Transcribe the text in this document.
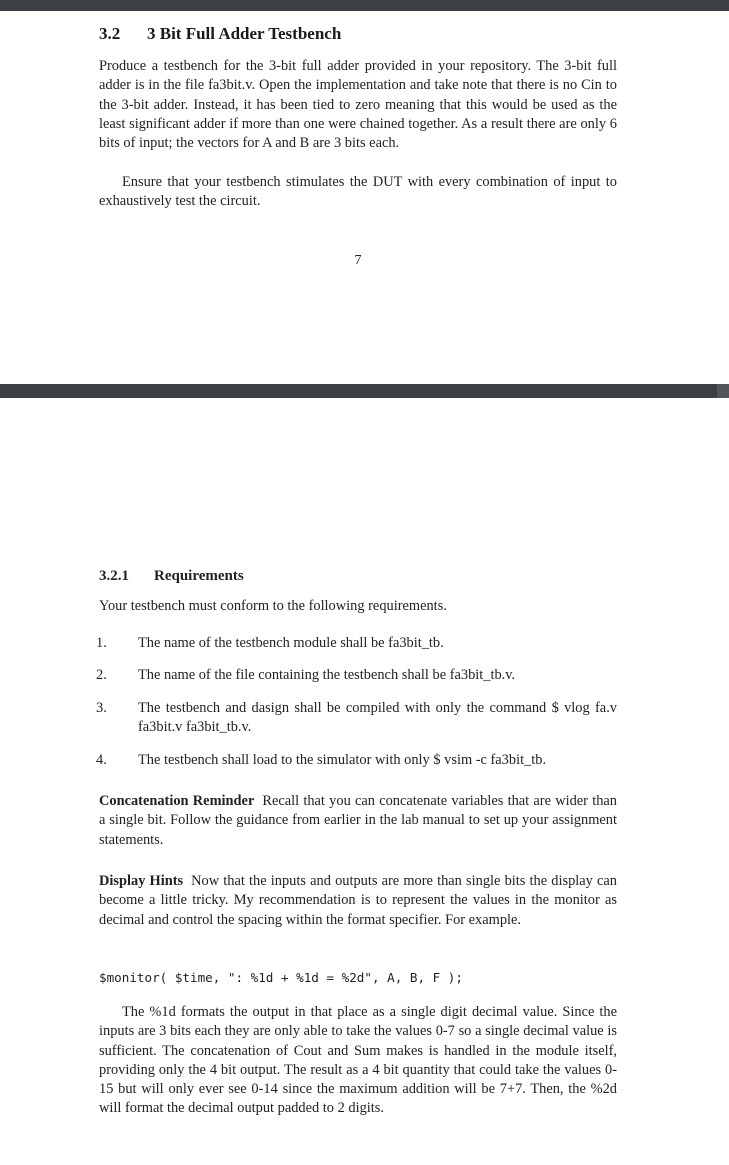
3.2 3 Bit Full Adder Testbench
Produce a testbench for the 3-bit full adder provided in your repository. The 3-bit full adder is in the file fa3bit.v. Open the implementation and take note that there is no Cin to the 3-bit adder. Instead, it has been tied to zero meaning that this would be used as the least significant adder if more than one were chained together. As a result there are only 6 bits of input; the vectors for A and B are 3 bits each.
Ensure that your testbench stimulates the DUT with every combination of input to exhaustively test the circuit.
7
3.2.1 Requirements
Your testbench must conform to the following requirements.
1. The name of the testbench module shall be fa3bit_tb.
2. The name of the file containing the testbench shall be fa3bit_tb.v.
3. The testbench and dasign shall be compiled with only the command $ vlog fa.v fa3bit.v fa3bit_tb.v.
4. The testbench shall load to the simulator with only $ vsim -c fa3bit_tb.
Concatenation Reminder Recall that you can concatenate variables that are wider than a single bit. Follow the guidance from earlier in the lab manual to set up your assignment statements.
Display Hints Now that the inputs and outputs are more than single bits the display can become a little tricky. My recommendation is to represent the values in the monitor as decimal and control the spacing within the format specifier. For example.
$monitor( $time, ": %1d + %1d = %2d", A, B, F );
The %1d formats the output in that place as a single digit decimal value. Since the inputs are 3 bits each they are only able to take the values 0-7 so a single decimal value is sufficient. The concatenation of Cout and Sum makes is handled in the module itself, providing only the 4 bit output. The result as a 4 bit quantity that could take the values 0-15 but will only ever see 0-14 since the maximum addition will be 7+7. Then, the %2d will format the decimal output padded to 2 digits.
